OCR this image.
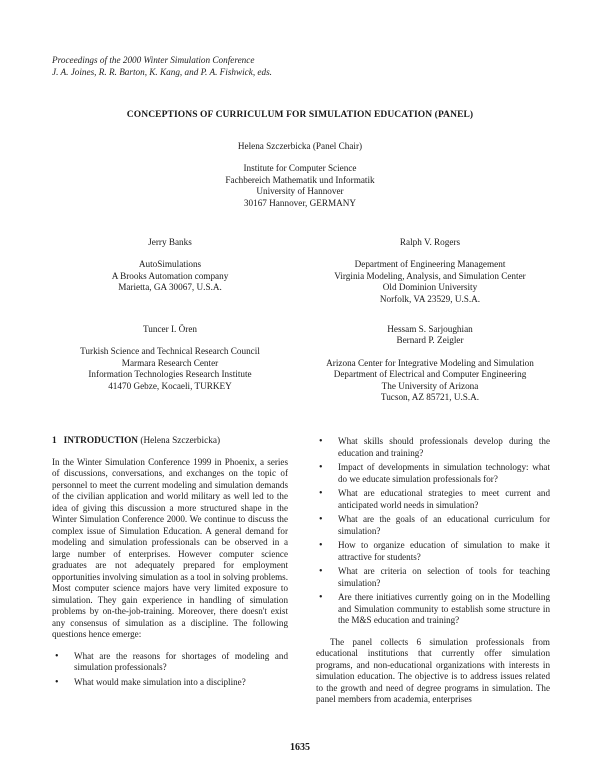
Proceedings of the 2000 Winter Simulation Conference
J. A. Joines, R. R. Barton, K. Kang, and P. A. Fishwick, eds.
CONCEPTIONS OF CURRICULUM FOR SIMULATION EDUCATION (PANEL)
Helena Szczerbicka (Panel Chair)
Institute for Computer Science
Fachbereich Mathematik und Informatik
University of Hannover
30167 Hannover, GERMANY
Jerry Banks
AutoSimulations
A Brooks Automation company
Marietta, GA 30067, U.S.A.
Ralph V. Rogers
Department of Engineering Management
Virginia Modeling, Analysis, and Simulation Center
Old Dominion University
Norfolk, VA 23529, U.S.A.
Tuncer I. Ören
Turkish Science and Technical Research Council
Marmara Research Center
Information Technologies Research Institute
41470 Gebze, Kocaeli, TURKEY
Hessam S. Sarjoughian
Bernard P. Zeigler
Arizona Center for Integrative Modeling and Simulation
Department of Electrical and Computer Engineering
The University of Arizona
Tucson, AZ 85721, U.S.A.
1 INTRODUCTION (Helena Szczerbicka)

In the Winter Simulation Conference 1999 in Phoenix, a series of discussions, conversations, and exchanges on the topic of personnel to meet the current modeling and simulation demands of the civilian application and world military as well led to the idea of giving this discussion a more structured shape in the Winter Simulation Conference 2000. We continue to discuss the complex issue of Simulation Education. A general demand for modeling and simulation professionals can be observed in a large number of enterprises. However computer science graduates are not adequately prepared for employment opportunities involving simulation as a tool in solving problems. Most computer science majors have very limited exposure to simulation. They gain experience in handling of simulation problems by on-the-job-training. Moreover, there doesn't exist any consensus of simulation as a discipline. The following questions hence emerge:

• What are the reasons for shortages of modeling and simulation professionals?
• What would make simulation into a discipline?
• What skills should professionals develop during the education and training?
• Impact of developments in simulation technology: what do we educate simulation professionals for?
• What are educational strategies to meet current and anticipated world needs in simulation?
• What are the goals of an educational curriculum for simulation?
• How to organize education of simulation to make it attractive for students?
• What are criteria on selection of tools for teaching simulation?
• Are there initiatives currently going on in the Modelling and Simulation community to establish some structure in the M&S education and training?

The panel collects 6 simulation professionals from educational institutions that currently offer simulation programs, and non-educational organizations with interests in simulation education. The objective is to address issues related to the growth and need of degree programs in simulation. The panel members from academia, enterprises

1635
